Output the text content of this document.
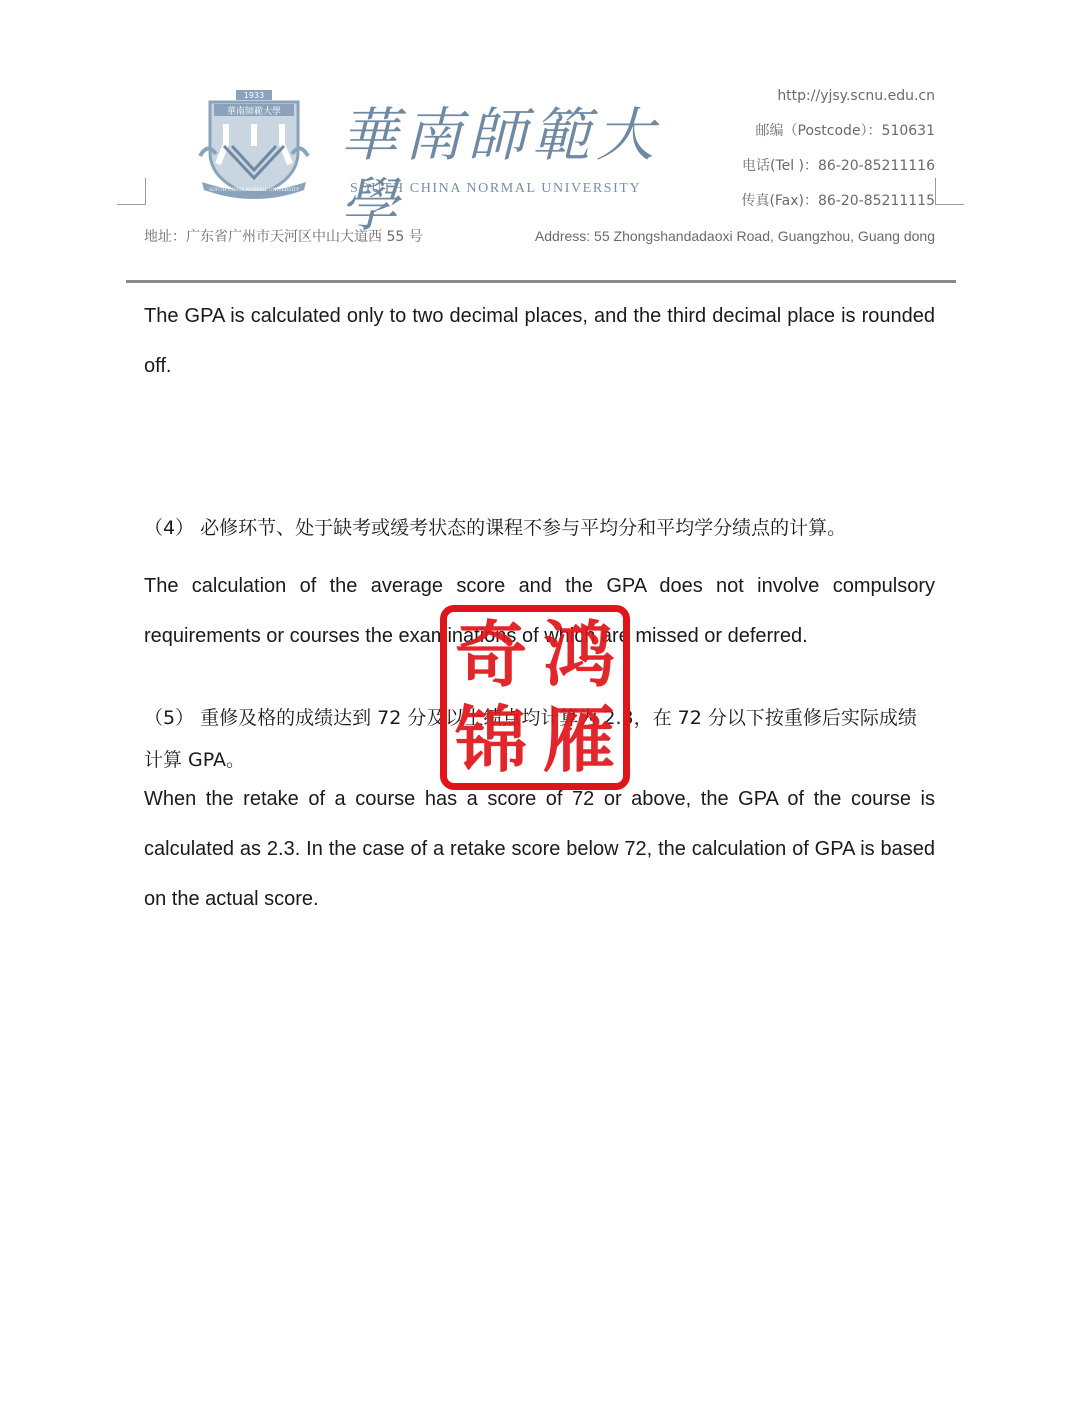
1933
華南師範大學
SOUTH CHINA NORMAL UNIVERSITY
華南師範大學
SOUTH CHINA NORMAL UNIVERSITY
http://yjsy.scnu.edu.cn
邮编（Postcode）：510631
电话(Tel )：86-20-85211116
传真(Fax)：86-20-85211115
地址：广东省广州市天河区中山大道西 55 号	Address: 55 Zhongshandadaoxi Road, Guangzhou, Guang dong
The GPA is calculated only to two decimal places, and the third decimal place is rounded off.
（4） 必修环节、处于缺考或缓考状态的课程不参与平均分和平均学分绩点的计算。
The calculation of the average score and the GPA does not involve compulsory requirements or courses the examinations of which are missed or deferred.
（5） 重修及格的成绩达到 72 分及以上绩点均计算为 2.3，在 72 分以下按重修后实际成绩计算 GPA。
When the retake of a course has a score of 72 or above, the GPA of the course is calculated as 2.3. In the case of a retake score below 72, the calculation of GPA is based on the actual score.
奇 鸿
锦 雁
